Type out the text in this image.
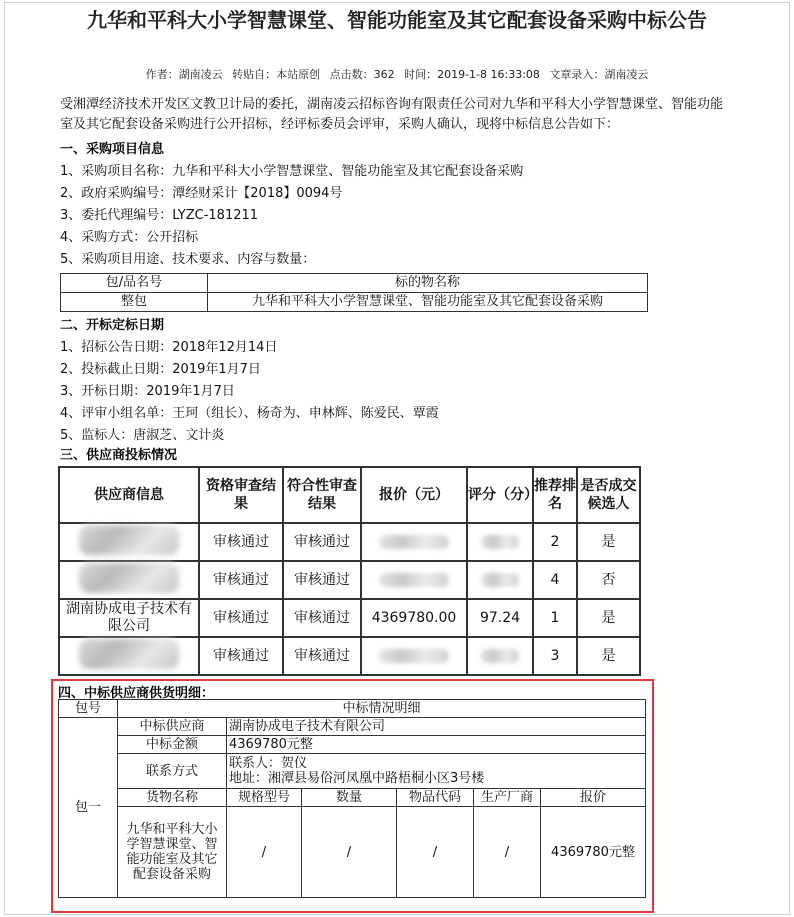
九华和平科大小学智慧课堂、智能功能室及其它配套设备采购中标公告
作者：湖南凌云 转贴自：本站原创 点击数：362 时间：2019-1-8 16:33:08 文章录入：湖南凌云
受湘潭经济技术开发区文教卫计局的委托，湖南凌云招标咨询有限责任公司对九华和平科大小学智慧课堂、智能功能室及其它配套设备采购进行公开招标，经评标委员会评审，采购人确认，现将中标信息公告如下：
一、采购项目信息
1、采购项目名称：九华和平科大小学智慧课堂、智能功能室及其它配套设备采购
2、政府采购编号：潭经财采计【2018】0094号
3、委托代理编号：LYZC-181211
4、采购方式：公开招标
5、采购项目用途、技术要求、内容与数量：
包/品名号	标的物名称
整包	九华和平科大小学智慧课堂、智能功能室及其它配套设备采购
二、开标定标日期
1、招标公告日期：2018年12月14日
2、投标截止日期：2019年1月7日
3、开标日期：2019年1月7日
4、评审小组名单：王珂（组长）、杨奇为、申林辉、陈爱民、覃霞
5、监标人：唐淑芝、文计炎
三、供应商投标情况
供应商信息	资格审查结果	符合性审查结果	报价（元）	评分（分）	推荐排名	是否成交候选人
	审核通过	审核通过			2	是
	审核通过	审核通过			4	否
湖南协成电子技术有限公司	审核通过	审核通过	4369780.00	97.24	1	是
	审核通过	审核通过			3	是
四、中标供应商供货明细：
包号	中标情况明细					
包一	中标供应商	湖南协成电子技术有限公司				
	中标金额	4369780元整				
	联系方式	联系人：贺仪
地址：湘潭县易俗河凤凰中路梧桐小区3号楼				

	货物名称	规格型号	数量	物品代码	生产厂商	报价
	九华和平科大小学智慧课堂、智能功能室及其它配套设备采购	/	/	/	/	4369780元整
